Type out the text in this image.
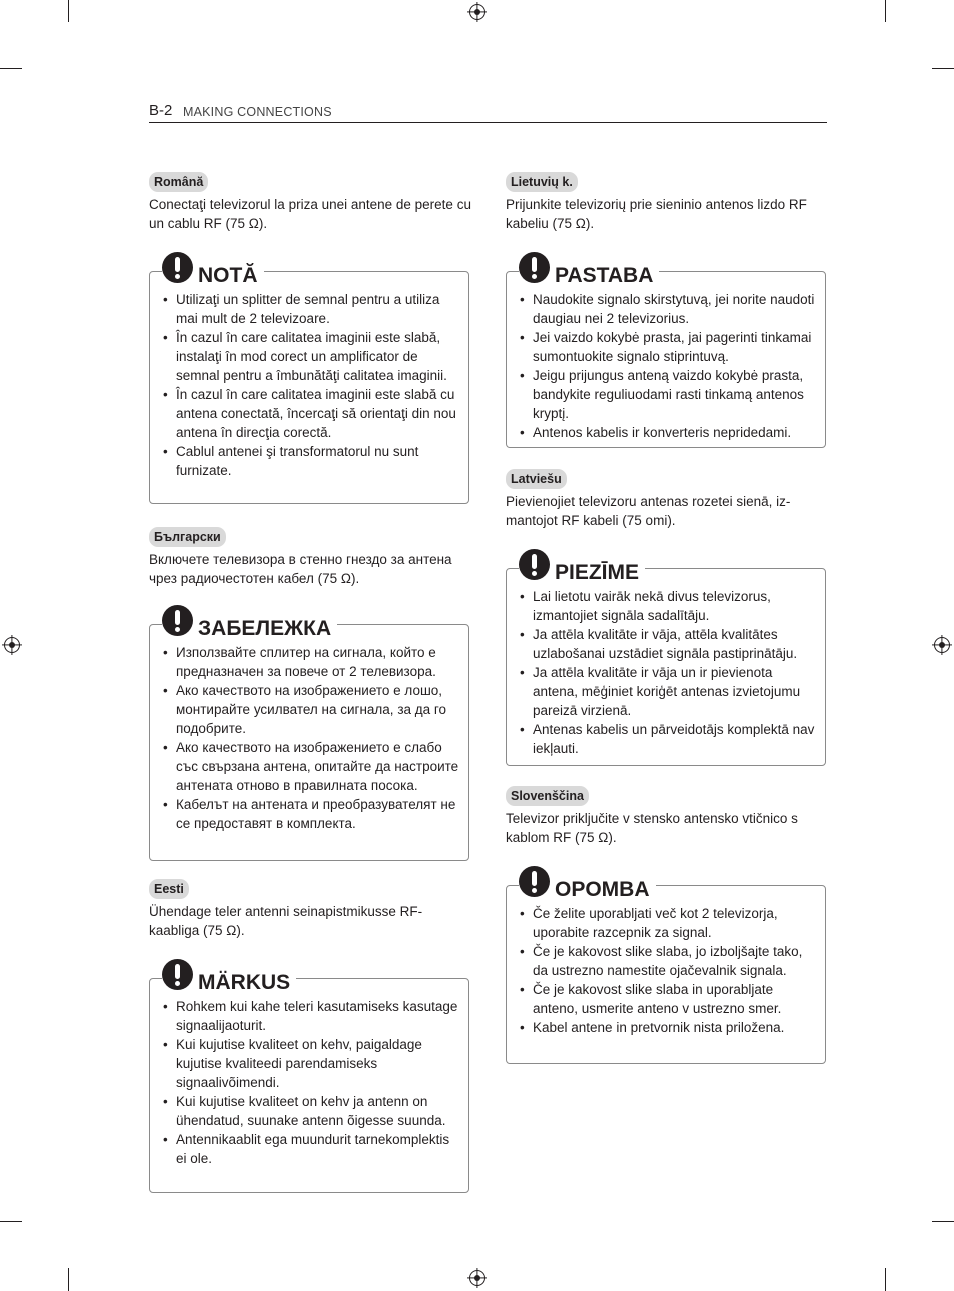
B-2 MAKING CONNECTIONS
Română

Conectaţi televizorul la priza unei antene de perete cu un cablu RF (75 Ω).

NOTĂ
• Utilizaţi un splitter de semnal pentru a utiliza mai mult de 2 televizoare.
• În cazul în care calitatea imaginii este slabă, instalaţi în mod corect un amplificator de semnal pentru a îmbunătăţi calitatea imaginii.
• În cazul în care calitatea imaginii este slabă cu antena conectată, încercaţi să orientaţi din nou antena în direcţia corectă.
• Cablul antenei şi transformatorul nu sunt furnizate.
Български

Включете телевизора в стенно гнездо за антена чрез радиочестотен кабел (75 Ω).

ЗАБЕЛЕЖКА
• Използвайте сплитер на сигнала, който е предназначен за повече от 2 телевизора.
• Ако качеството на изображението е лошо, монтирайте усилвател на сигнала, за да го подобрите.
• Ако качеството на изображението е слабо със свързана антена, опитайте да настроите антената отново в правилната посока.
• Кабелът на антената и преобразувателят не се предоставят в комплекта.
Eesti

Ühendage teler antenni seinapistmikusse RF-kaabliga (75 Ω).

MÄRKUS
• Rohkem kui kahe teleri kasutamiseks kasutage signaalijaoturit.
• Kui kujutise kvaliteet on kehv, paigaldage kujutise kvaliteedi parendamiseks signaalivõimendi.
• Kui kujutise kvaliteet on kehv ja antenn on ühendatud, suunake antenn õigesse suunda.
• Antennikaablit ega muundurit tarnekomplektis ei ole.
Lietuvių k.

Prijunkite televizorių prie sieninio antenos lizdo RF kabeliu (75 Ω).

PASTABA
• Naudokite signalo skirstytuvą, jei norite naudoti daugiau nei 2 televizorius.
• Jei vaizdo kokybė prasta, jai pagerinti tinkamai sumontuokite signalo stiprintuvą.
• Jeigu prijungus anteną vaizdo kokybė prasta, bandykite reguliuodami rasti tinkamą antenos kryptį.
• Antenos kabelis ir konverteris nepridedami.
Latviešu

Pievienojiet televizoru antenas rozetei sienā, iz-mantojot RF kabeli (75 omi).

PIEZĪME
• Lai lietotu vairāk nekā divus televizorus, izmantojiet signāla sadalītāju.
• Ja attēla kvalitāte ir vāja, attēla kvalitātes uzlabošanai uzstādiet signāla pastiprinātāju.
• Ja attēla kvalitāte ir vāja un ir pievienota antena, mēģiniet koriģēt antenas izvietojumu pareizā virzienā.
• Antenas kabelis un pārveidotājs komplektā nav iekļauti.
Slovenščina

Televizor priključite v stensko antensko vtičnico s kablom RF (75 Ω).

OPOMBA
• Če želite uporabljati več kot 2 televizorja, uporabite razcepnik za signal.
• Če je kakovost slike slaba, jo izboljšajte tako, da ustrezno namestite ojačevalnik signala.
• Če je kakovost slike slaba in uporabljate anteno, usmerite anteno v ustrezno smer.
• Kabel antene in pretvornik nista priložena.
